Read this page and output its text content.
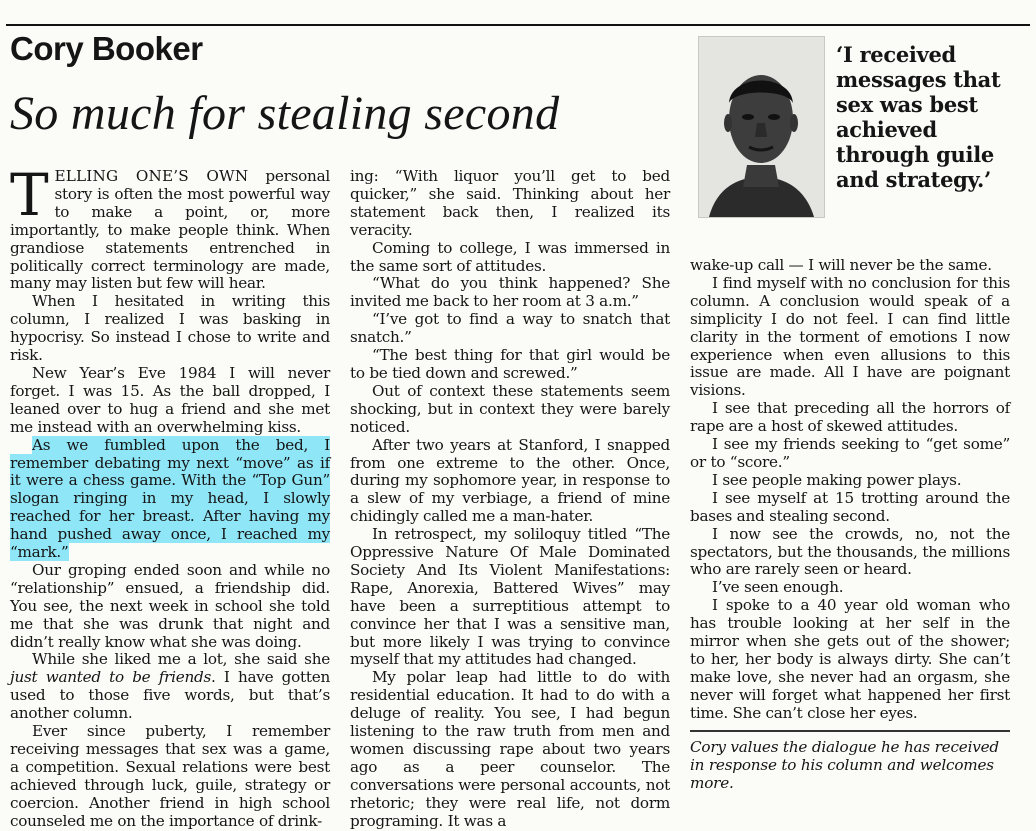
Cory Booker
So much for stealing second
‘I received messages that sex was best achieved through guile and strategy.’

TELLING ONE’S OWN personal story is often the most powerful way to make a point, or, more importantly, to make people think. When grandiose statements entrenched in politically correct terminology are made, many may listen but few will hear.

When I hesitated in writing this column, I realized I was basking in hypocrisy. So instead I chose to write and risk.

New Year’s Eve 1984 I will never forget. I was 15. As the ball dropped, I leaned over to hug a friend and she met me instead with an overwhelming kiss.

As we fumbled upon the bed, I remember debating my next “move” as if it were a chess game. With the “Top Gun” slogan ringing in my head, I slowly reached for her breast. After having my hand pushed away once, I reached my “mark.”

Our groping ended soon and while no “relationship” ensued, a friendship did. You see, the next week in school she told me that she was drunk that night and didn’t really know what she was doing.

While she liked me a lot, she said she just wanted to be friends. I have gotten used to those five words, but that’s another column.

Ever since puberty, I remember receiving messages that sex was a game, a competition. Sexual relations were best achieved through luck, guile, strategy or coercion. Another friend in high school counseled me on the importance of drink-

ing: “With liquor you’ll get to bed quicker,” she said. Thinking about her statement back then, I realized its veracity.

Coming to college, I was immersed in the same sort of attitudes.

“What do you think happened? She invited me back to her room at 3 a.m.”

“I’ve got to find a way to snatch that snatch.”

“The best thing for that girl would be to be tied down and screwed.”

Out of context these statements seem shocking, but in context they were barely noticed.

After two years at Stanford, I snapped from one extreme to the other. Once, during my sophomore year, in response to a slew of my verbiage, a friend of mine chidingly called me a man-hater.

In retrospect, my soliloquy titled “The Oppressive Nature Of Male Dominated Society And Its Violent Manifestations: Rape, Anorexia, Battered Wives” may have been a surreptitious attempt to convince her that I was a sensitive man, but more likely I was trying to convince myself that my attitudes had changed.

My polar leap had little to do with residential education. It had to do with a deluge of reality. You see, I had begun listening to the raw truth from men and women discussing rape about two years ago as a peer counselor. The conversations were personal accounts, not rhetoric; they were real life, not dorm programing. It was a

wake-up call — I will never be the same.

I find myself with no conclusion for this column. A conclusion would speak of a simplicity I do not feel. I can find little clarity in the torment of emotions I now experience when even allusions to this issue are made. All I have are poignant visions.

I see that preceding all the horrors of rape are a host of skewed attitudes.

I see my friends seeking to “get some” or to “score.”

I see people making power plays.

I see myself at 15 trotting around the bases and stealing second.

I now see the crowds, no, not the spectators, but the thousands, the millions who are rarely seen or heard.

I’ve seen enough.

I spoke to a 40 year old woman who has trouble looking at her self in the mirror when she gets out of the shower; to her, her body is always dirty. She can’t make love, she never had an orgasm, she never will forget what happened her first time. She can’t close her eyes.

Cory values the dialogue he has received in response to his column and welcomes more.
